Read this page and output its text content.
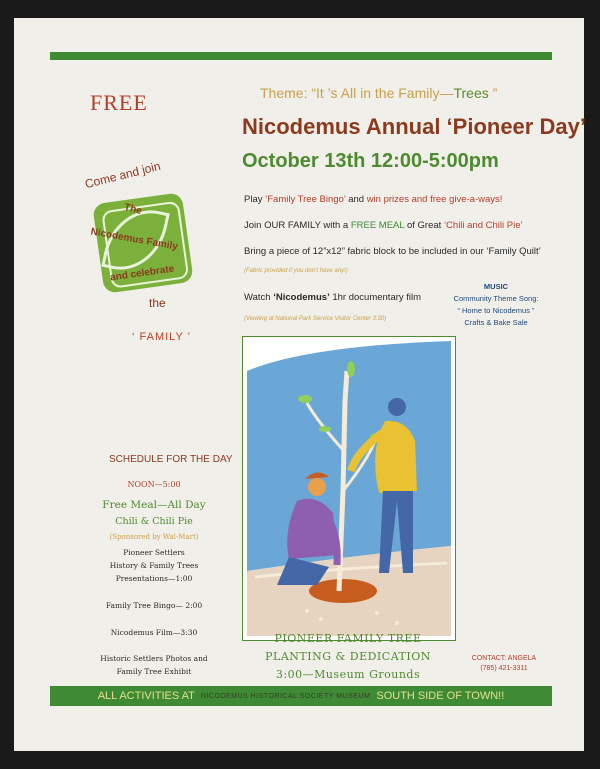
FREE	Theme: “It ’s All in the Family—Trees ”
Nicodemus Annual ‘Pioneer Day’
October 13th 12:00-5:00pm
Play ‘Family Tree Bingo’ and win prizes and free give-a-ways!
Join OUR FAMILY with a FREE MEAL of Great ‘Chili and Chili Pie’
Bring a piece of 12”x12” fabric block to be included in our ‘Family Quilt’
(Fabric provided if you don’t have any!)
Watch ‘Nicodemus’ 1hr documentary film
(Viewing at National Park Service Visitor Center 3:30)
MUSIC
Community Theme Song:
“ Home to Nicodemus ”
Crafts & Bake Sale
Come and join
The
Nicodemus Family
and celebrate
the
‘ FAMILY ’
SCHEDULE FOR THE DAY
NOON—5:00
Free Meal—All Day
Chili & Chili Pie
(Sponsored by Wal-Mart)
Pioneer Settlers
History & Family Trees
Presentations—1:00
Family Tree Bingo— 2:00
Nicodemus Film—3:30
Historic Settlers Photos and
Family Tree Exhibit
PIONEER FAMILY TREE
PLANTING & DEDICATION
3:00—Museum Grounds
CONTACT: ANGELA
(785) 421-3311
ALL ACTIVITIES AT NICODEMUS HISTORICAL SOCIETY MUSEUM SOUTH SIDE OF TOWN!!
